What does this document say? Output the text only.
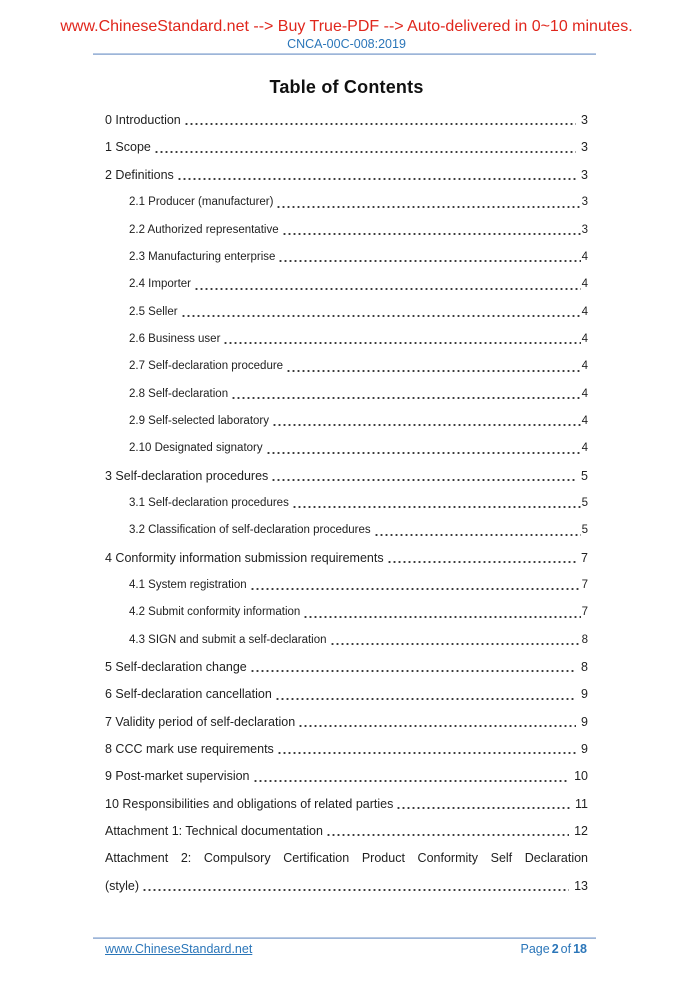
www.ChineseStandard.net --> Buy True-PDF --> Auto-delivered in 0~10 minutes.
CNCA-00C-008:2019
Table of Contents
0 Introduction	3
1 Scope	3
2 Definitions	3
2.1 Producer (manufacturer)	3
2.2 Authorized representative	3
2.3 Manufacturing enterprise	4
2.4 Importer	4
2.5 Seller	4
2.6 Business user	4
2.7 Self-declaration procedure	4
2.8 Self-declaration	4
2.9 Self-selected laboratory	4
2.10 Designated signatory	4
3 Self-declaration procedures	5
3.1 Self-declaration procedures	5
3.2 Classification of self-declaration procedures	5
4 Conformity information submission requirements	7
4.1 System registration	7
4.2 Submit conformity information	7
4.3 SIGN and submit a self-declaration	8
5 Self-declaration change	8
6 Self-declaration cancellation	9
7 Validity period of self-declaration	9
8 CCC mark use requirements	9
9 Post-market supervision	10
10 Responsibilities and obligations of related parties	11
Attachment 1: Technical documentation	12
Attachment 2: Compulsory Certification Product Conformity Self Declaration
(style)	13
www.ChineseStandard.net	Page 2 of 18
